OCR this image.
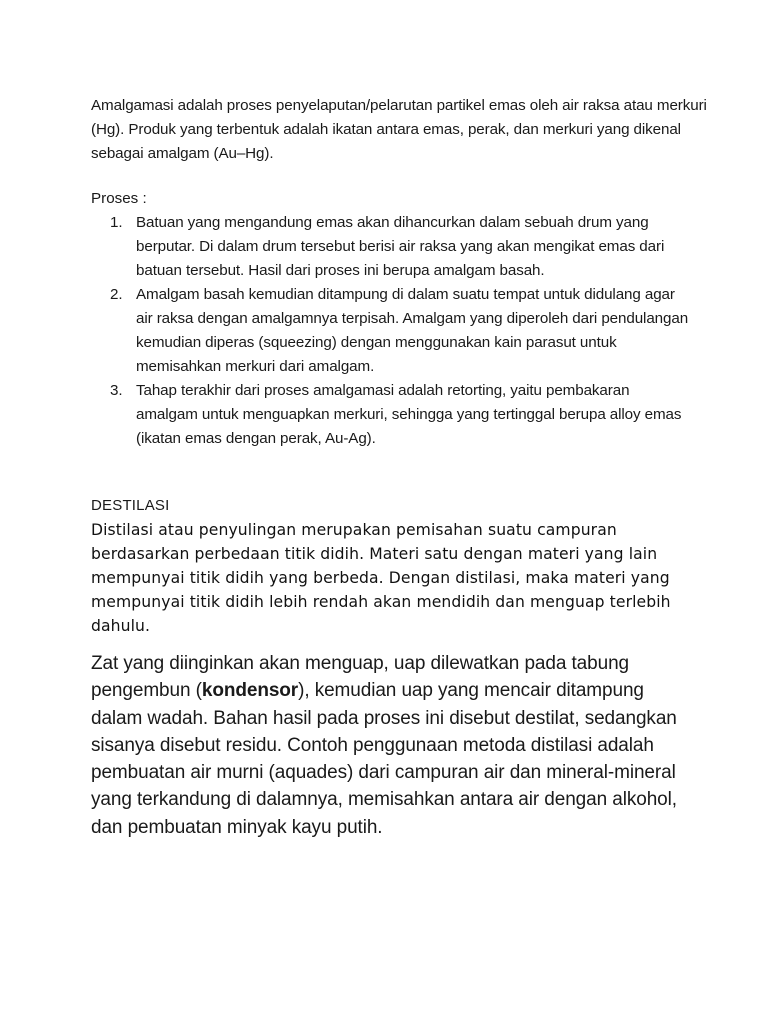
Amalgamasi adalah proses penyelaputan/pelarutan partikel emas oleh air raksa atau merkuri (Hg). Produk yang terbentuk adalah ikatan antara emas, perak, dan merkuri yang dikenal sebagai amalgam (Au–Hg).

Proses :

1. Batuan yang mengandung emas akan dihancurkan dalam sebuah drum yang berputar. Di dalam drum tersebut berisi air raksa yang akan mengikat emas dari batuan tersebut. Hasil dari proses ini berupa amalgam basah.
2. Amalgam basah kemudian ditampung di dalam suatu tempat untuk didulang agar air raksa dengan amalgamnya terpisah. Amalgam yang diperoleh dari pendulangan kemudian diperas (squeezing) dengan menggunakan kain parasut untuk memisahkan merkuri dari amalgam.
3. Tahap terakhir dari proses amalgamasi adalah retorting, yaitu pembakaran amalgam untuk menguapkan merkuri, sehingga yang tertinggal berupa alloy emas (ikatan emas dengan perak, Au-Ag).

DESTILASI

Distilasi atau penyulingan merupakan pemisahan suatu campuran berdasarkan perbedaan titik didih. Materi satu dengan materi yang lain mempunyai titik didih yang berbeda. Dengan distilasi, maka materi yang mempunyai titik didih lebih rendah akan mendidih dan menguap terlebih dahulu.

Zat yang diinginkan akan menguap, uap dilewatkan pada tabung pengembun (kondensor), kemudian uap yang mencair ditampung dalam wadah. Bahan hasil pada proses ini disebut destilat, sedangkan sisanya disebut residu. Contoh penggunaan metoda distilasi adalah pembuatan air murni (aquades) dari campuran air dan mineral-mineral yang terkandung di dalamnya, memisahkan antara air dengan alkohol, dan pembuatan minyak kayu putih.
